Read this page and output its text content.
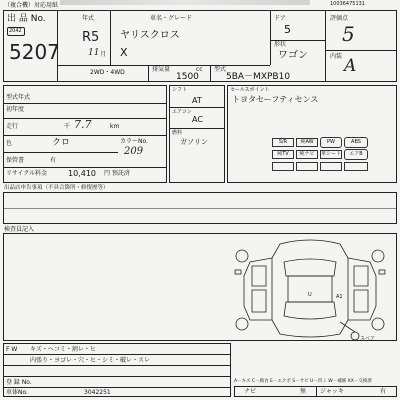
（複合機）対応用紙	10036475131
出 品 No.
2042
5207
年式
R5
11 月
2WD・4WD
車名・グレード
ヤリスクロス
X
排気量	cc
1500
型式
5BA－MXPB10
ドア
5
形状
ワゴン
評価点
5
内装 A
型式年式
初年度
走行	千 7.7	km
色	クロ	カラーNo.
209
保管書	有
リサイクル料金	10,410 円 預託済
シフト
AT
エアコン
AC
燃料
ガソリン
セールスポイント
トヨタセーフティセンス
S/R	純AW	PW	ABS
純TV	純ナビ	革シート	エアB
出品店申告事項（不具合箇所・修復歴等）
検査員記入
A1
U
スペア
F W キズ・ヘコミ・割レ・ヒ
内張り・ヨゴレ・穴・ヒ・シミ・破レ・スレ
登 録 No.
車体No.	3042251
A－キズ C－腐食 E－エクボ S－サビ U－凹ミ W－補修 XX－交換済
ナビ	無 ジャッキ	有
